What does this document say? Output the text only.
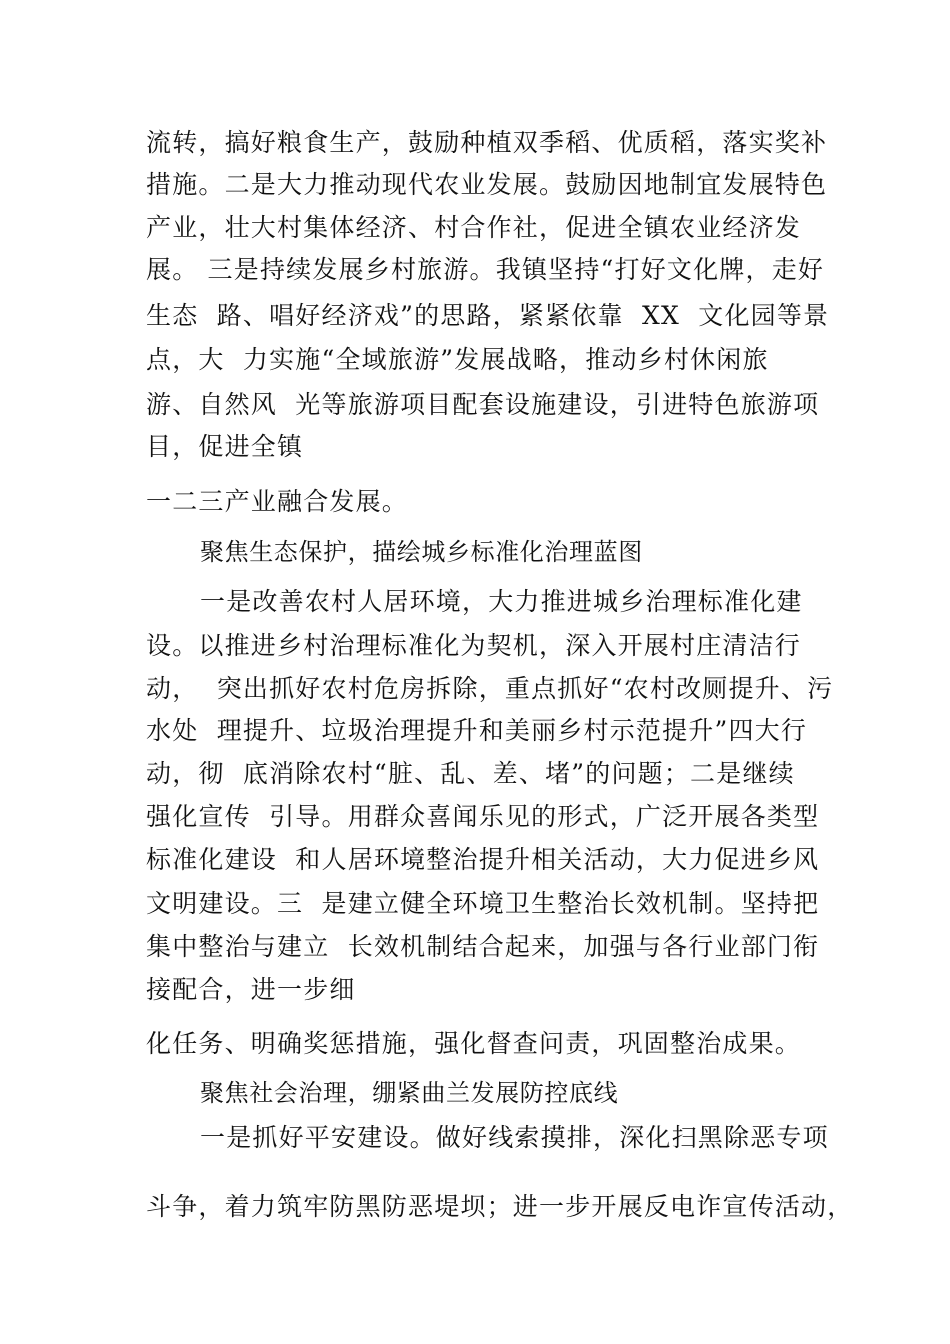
流转，搞好粮食生产，鼓励种植双季稻、优质稻，落实奖补
措施。二是大力推动现代农业发展。鼓励因地制宜发展特色
产业，壮大村集体经济、村合作社，促进全镇农业经济发
展。 三是持续发展乡村旅游。我镇坚持“打好文化牌，走好
生态  路、唱好经济戏”的思路，紧紧依靠  XX  文化园等景
点，大  力实施“全域旅游”发展战略，推动乡村休闲旅
游、自然风  光等旅游项目配套设施建设，引进特色旅游项
目，促进全镇
一二三产业融合发展。
聚焦生态保护，描绘城乡标准化治理蓝图
一是改善农村人居环境，大力推进城乡治理标准化建
设。以推进乡村治理标准化为契机，深入开展村庄清洁行
动，  突出抓好农村危房拆除，重点抓好“农村改厕提升、污
水处  理提升、垃圾治理提升和美丽乡村示范提升”四大行
动，彻  底消除农村“脏、乱、差、堵”的问题；二是继续
强化宣传  引导。用群众喜闻乐见的形式，广泛开展各类型
标准化建设  和人居环境整治提升相关活动，大力促进乡风
文明建设。三  是建立健全环境卫生整治长效机制。坚持把
集中整治与建立  长效机制结合起来，加强与各行业部门衔
接配合，进一步细
化任务、明确奖惩措施，强化督查问责，巩固整治成果。
聚焦社会治理，绷紧曲兰发展防控底线
一是抓好平安建设。做好线索摸排，深化扫黑除恶专项
斗争，着力筑牢防黑防恶堤坝；进一步开展反电诈宣传活动，
